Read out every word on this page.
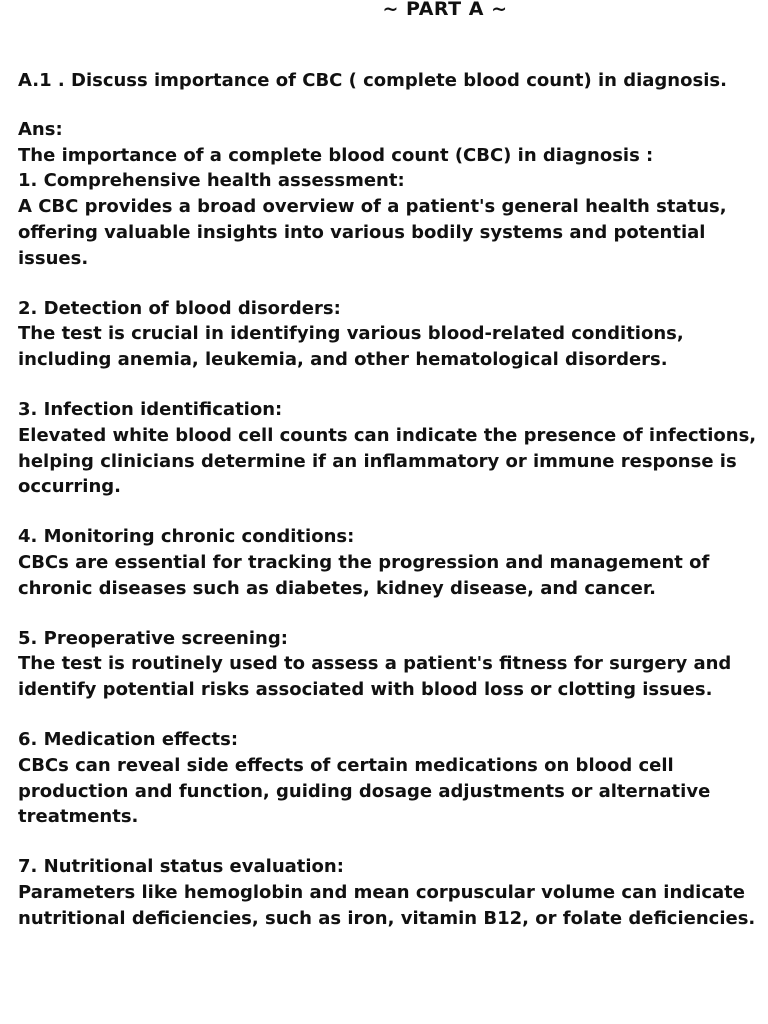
~ PART A ~

A.1 . Discuss importance of CBC ( complete blood count) in diagnosis.

Ans:

The importance of a complete blood count (CBC) in diagnosis :

1. Comprehensive health assessment:

A CBC provides a broad overview of a patient's general health status, offering valuable insights into various bodily systems and potential issues.

2. Detection of blood disorders:

The test is crucial in identifying various blood-related conditions, including anemia, leukemia, and other hematological disorders.

3. Infection identification:

Elevated white blood cell counts can indicate the presence of infections, helping clinicians determine if an inflammatory or immune response is occurring.

4. Monitoring chronic conditions:

CBCs are essential for tracking the progression and management of chronic diseases such as diabetes, kidney disease, and cancer.

5. Preoperative screening:

The test is routinely used to assess a patient's fitness for surgery and identify potential risks associated with blood loss or clotting issues.

6. Medication effects:

CBCs can reveal side effects of certain medications on blood cell production and function, guiding dosage adjustments or alternative treatments.

7. Nutritional status evaluation:

Parameters like hemoglobin and mean corpuscular volume can indicate nutritional deficiencies, such as iron, vitamin B12, or folate deficiencies.
